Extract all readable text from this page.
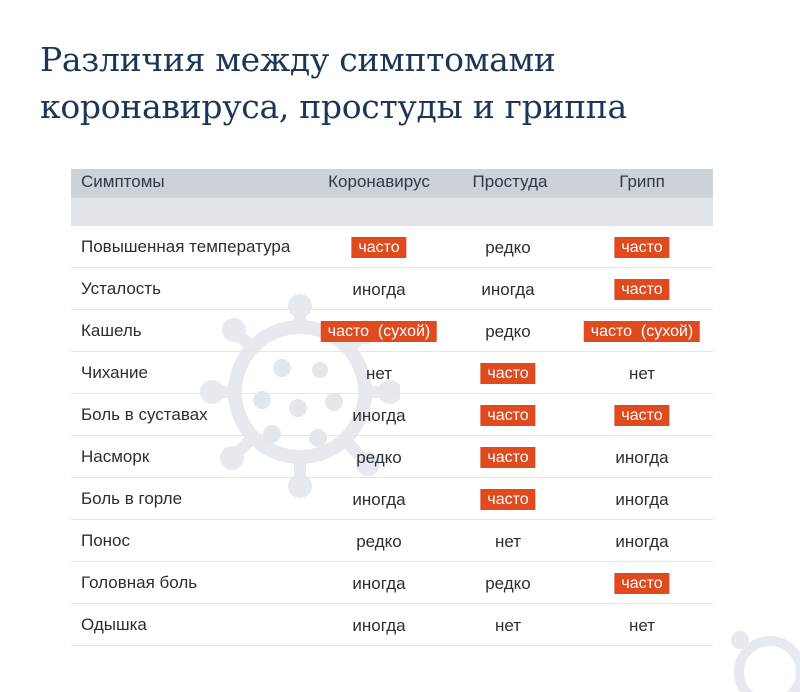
Различия между симптомами
коронавируса, простуды и гриппа
Симптомы	Коронавирус	Простуда	Грипп
Повышенная температура	часто	редко	часто
Усталость	иногда	иногда	часто
Кашель	часто  (сухой)	редко	часто  (сухой)
Чихание	нет	часто	нет
Боль в суставах	иногда	часто	часто
Насморк	редко	часто	иногда
Боль в горле	иногда	часто	иногда
Понос	редко	нет	иногда
Головная боль	иногда	редко	часто
Одышка	иногда	нет	нет
